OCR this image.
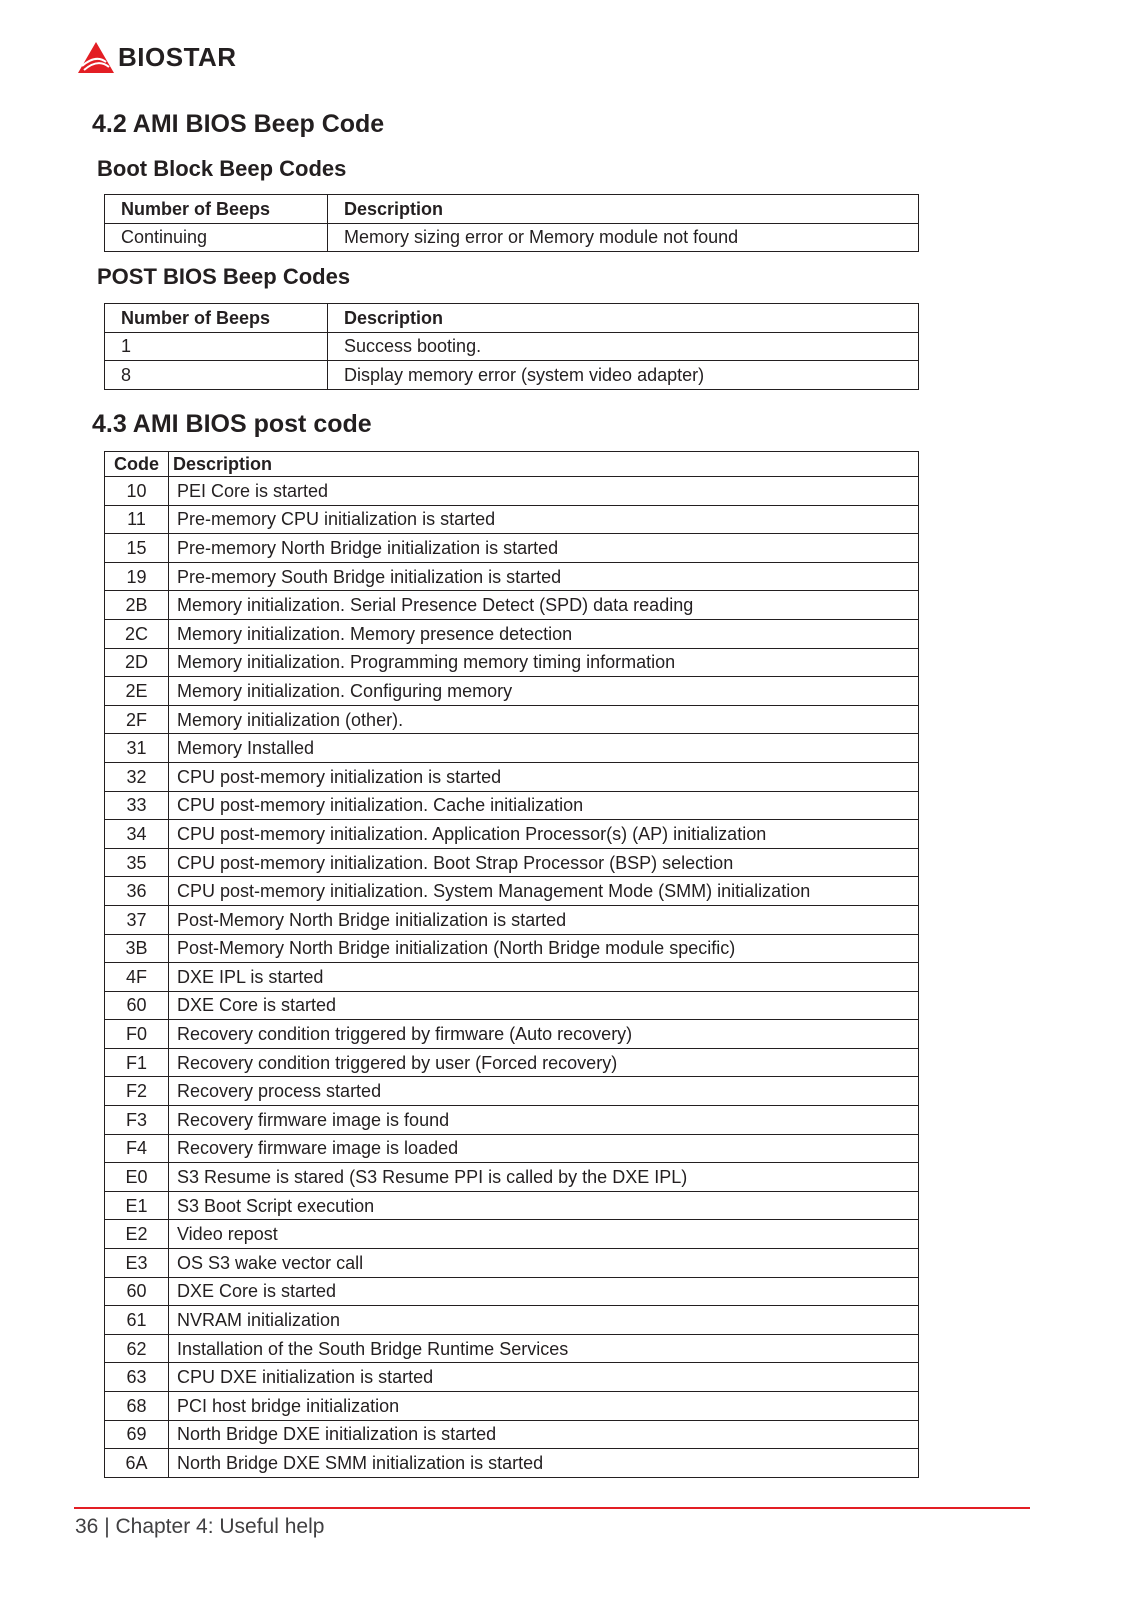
BIOSTAR
4.2 AMI BIOS Beep Code
Boot Block Beep Codes
Number of Beeps	Description
Continuing	Memory sizing error or Memory module not found
POST BIOS Beep Codes
Number of Beeps	Description
1	Success booting.
8	Display memory error (system video adapter)
4.3 AMI BIOS post code
Code	Description
10	PEI Core is started
11	Pre-memory CPU initialization is started
15	Pre-memory North Bridge initialization is started
19	Pre-memory South Bridge initialization is started
2B	Memory initialization. Serial Presence Detect (SPD) data reading
2C	Memory initialization. Memory presence detection
2D	Memory initialization. Programming memory timing information
2E	Memory initialization. Configuring memory
2F	Memory initialization (other).
31	Memory Installed
32	CPU post-memory initialization is started
33	CPU post-memory initialization. Cache initialization
34	CPU post-memory initialization. Application Processor(s) (AP) initialization
35	CPU post-memory initialization. Boot Strap Processor (BSP) selection
36	CPU post-memory initialization. System Management Mode (SMM) initialization
37	Post-Memory North Bridge initialization is started
3B	Post-Memory North Bridge initialization (North Bridge module specific)
4F	DXE IPL is started
60	DXE Core is started
F0	Recovery condition triggered by firmware (Auto recovery)
F1	Recovery condition triggered by user (Forced recovery)
F2	Recovery process started
F3	Recovery firmware image is found
F4	Recovery firmware image is loaded
E0	S3 Resume is stared (S3 Resume PPI is called by the DXE IPL)
E1	S3 Boot Script execution
E2	Video repost
E3	OS S3 wake vector call
60	DXE Core is started
61	NVRAM initialization
62	Installation of the South Bridge Runtime Services
63	CPU DXE initialization is started
68	PCI host bridge initialization
69	North Bridge DXE initialization is started
6A	North Bridge DXE SMM initialization is started
36 | Chapter 4: Useful help
